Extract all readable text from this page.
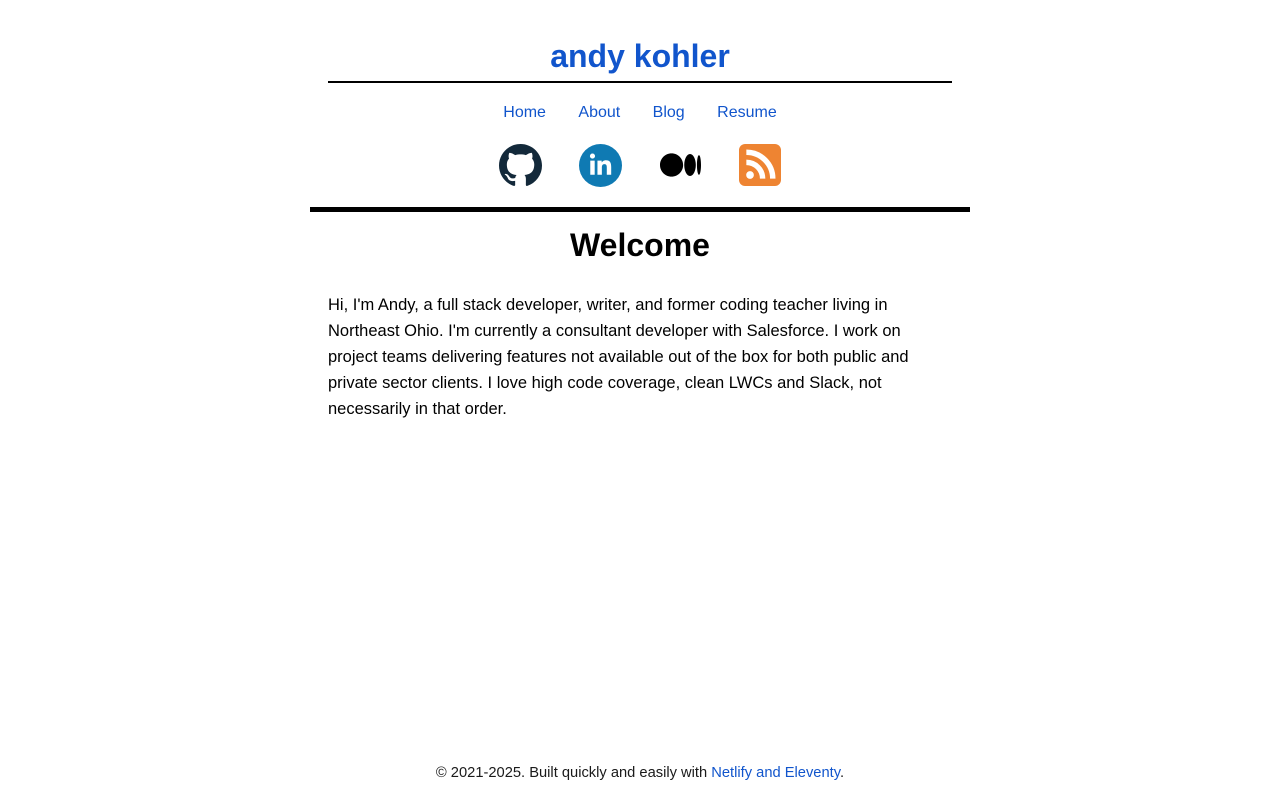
andy kohler
Home About Blog Resume
Welcome

Hi, I'm Andy, a full stack developer, writer, and former coding teacher living in Northeast Ohio. I'm currently a consultant developer with Salesforce. I work on project teams delivering features not available out of the box for both public and private sector clients. I love high code coverage, clean LWCs and Slack, not necessarily in that order.

© 2021-2025. Built quickly and easily with Netlify and Eleventy.
